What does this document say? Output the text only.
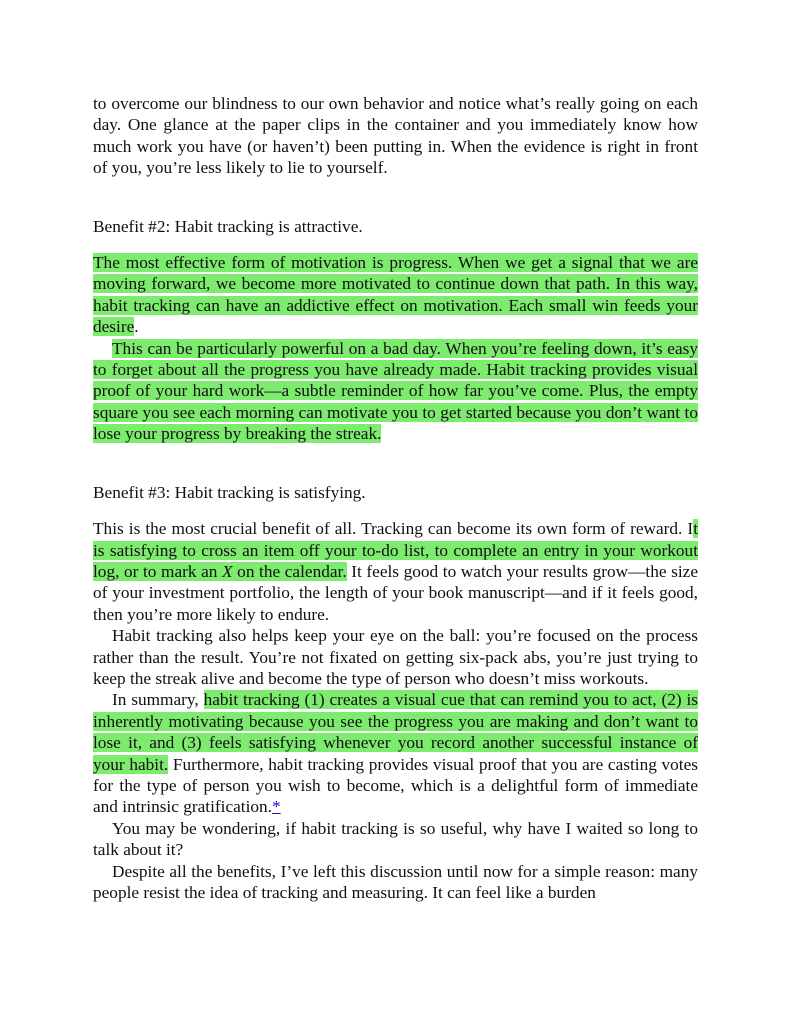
to overcome our blindness to our own behavior and notice what’s really going on each day. One glance at the paper clips in the container and you immediately know how much work you have (or haven’t) been putting in. When the evidence is right in front of you, you’re less likely to lie to yourself.

Benefit #2: Habit tracking is attractive.

The most effective form of motivation is progress. When we get a signal that we are moving forward, we become more motivated to continue down that path. In this way, habit tracking can have an addictive effect on motivation. Each small win feeds your desire.

This can be particularly powerful on a bad day. When you’re feeling down, it’s easy to forget about all the progress you have already made. Habit tracking provides visual proof of your hard work—a subtle reminder of how far you’ve come. Plus, the empty square you see each morning can motivate you to get started because you don’t want to lose your progress by breaking the streak.

Benefit #3: Habit tracking is satisfying.

This is the most crucial benefit of all. Tracking can become its own form of reward. It is satisfying to cross an item off your to-do list, to complete an entry in your workout log, or to mark an X on the calendar. It feels good to watch your results grow—the size of your investment portfolio, the length of your book manuscript—and if it feels good, then you’re more likely to endure.

Habit tracking also helps keep your eye on the ball: you’re focused on the process rather than the result. You’re not fixated on getting six-pack abs, you’re just trying to keep the streak alive and become the type of person who doesn’t miss workouts.

In summary, habit tracking (1) creates a visual cue that can remind you to act, (2) is inherently motivating because you see the progress you are making and don’t want to lose it, and (3) feels satisfying whenever you record another successful instance of your habit. Furthermore, habit tracking provides visual proof that you are casting votes for the type of person you wish to become, which is a delightful form of immediate and intrinsic gratification.*

You may be wondering, if habit tracking is so useful, why have I waited so long to talk about it?

Despite all the benefits, I’ve left this discussion until now for a simple reason: many people resist the idea of tracking and measuring. It can feel like a burden
